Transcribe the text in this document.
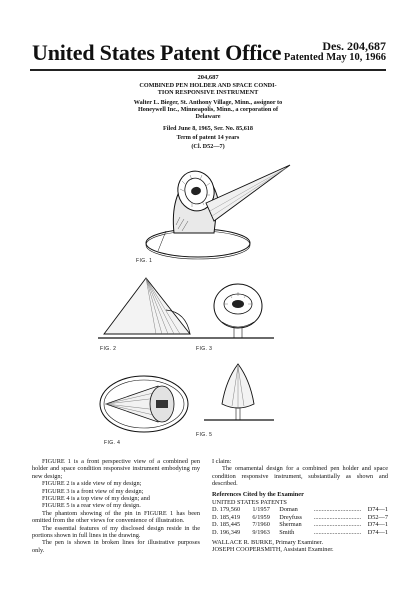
United States Patent Office	Des. 204,687
Patented May 10, 1966
204,687
COMBINED PEN HOLDER AND SPACE CONDI-
TION RESPONSIVE INSTRUMENT
Walter L. Bieger, St. Anthony Village, Minn., assignor to
Honeywell Inc., Minneapolis, Minn., a corporation of
Delaware
Filed June 8, 1965, Ser. No. 85,618
Term of patent 14 years
(Cl. D52—7)
FIG. 1
FIG. 2	FIG. 3
FIG. 4
FIG. 5

FIGURE 1 is a front perspective view of a combined pen holder and space condition responsive instrument embodying my new design;

FIGURE 2 is a side view of my design;

FIGURE 3 is a front view of my design;

FIGURE 4 is a top view of my design; and

FIGURE 5 is a rear view of my design.

The phantom showing of the pin in FIGURE 1 has been omitted from the other views for convenience of illustration.

The essential features of my disclosed design reside in the portions shown in full lines in the drawing.

The pen is shown in broken lines for illustrative purposes only.

I claim:

The ornamental design for a combined pen holder and space condition responsive instrument, substantially as shown and described.

References Cited by the Examiner

UNITED STATES PATENTS

D. 179,560	1/1957	Doman	..............................	D74—1
D. 185,419	6/1959	Dreyfuss	..............................	D52—7
D. 185,445	7/1960	Sherman	..............................	D74—1
D. 196,349	9/1963	Smith	..............................	D74—1

WALLACE R. BURKE, Primary Examiner.

JOSEPH COOPERSMITH, Assistant Examiner.
